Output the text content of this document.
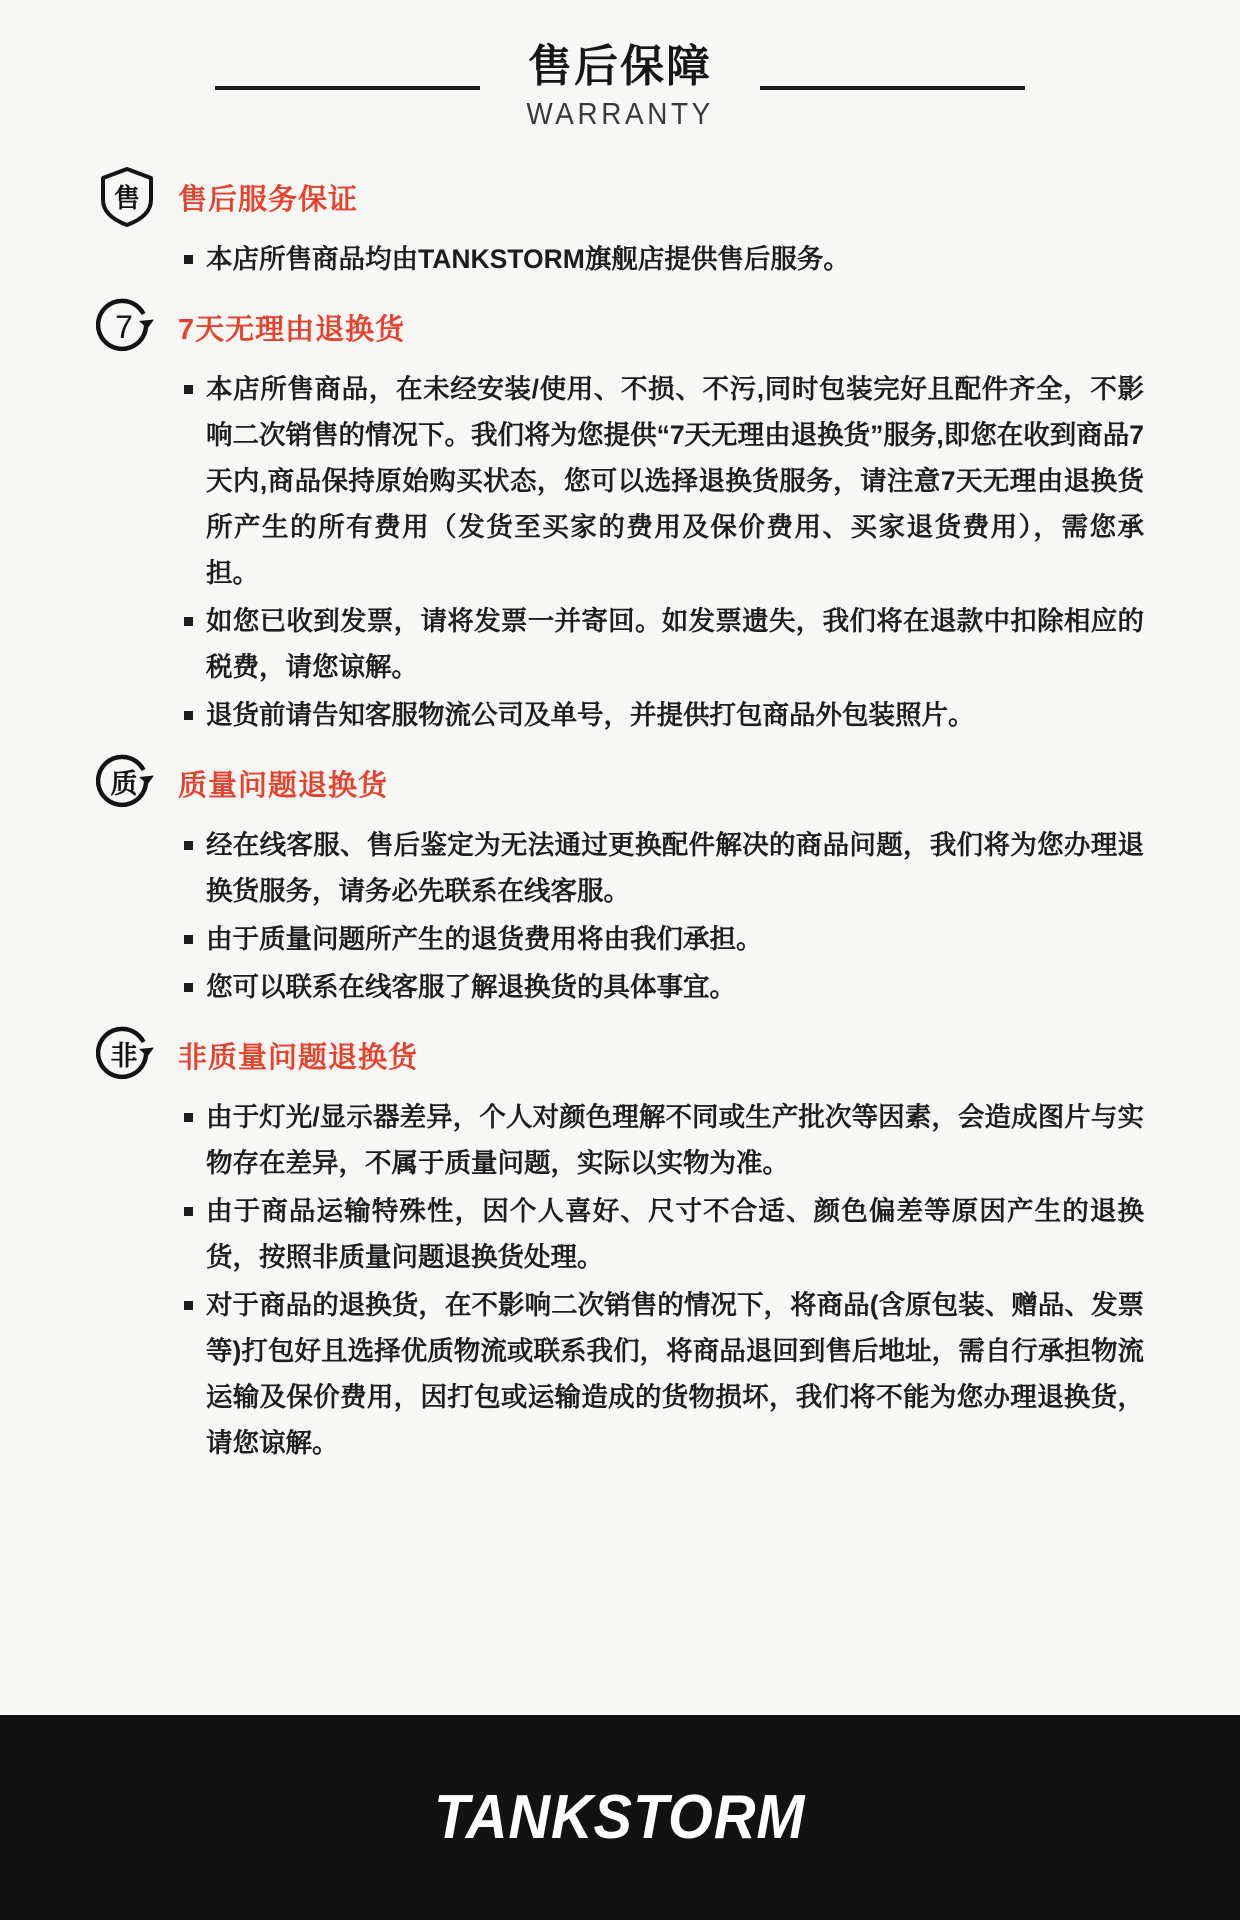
售后保障
WARRANTY
售 售后服务保证
本店所售商品均由TANKSTORM旗舰店提供售后服务。
7 7天无理由退换货
本店所售商品，在未经安装/使用、不损、不污,同时包装完好且配件齐全，不影响二次销售的情况下。我们将为您提供“7天无理由退换货”服务,即您在收到商品7天内,商品保持原始购买状态，您可以选择退换货服务，请注意7天无理由退换货所产生的所有费用（发货至买家的费用及保价费用、买家退货费用），需您承担。
如您已收到发票，请将发票一并寄回。如发票遗失，我们将在退款中扣除相应的税费，请您谅解。
退货前请告知客服物流公司及单号，并提供打包商品外包装照片。
质 质量问题退换货
经在线客服、售后鉴定为无法通过更换配件解决的商品问题，我们将为您办理退换货服务，请务必先联系在线客服。
由于质量问题所产生的退货费用将由我们承担。
您可以联系在线客服了解退换货的具体事宜。
非 非质量问题退换货
由于灯光/显示器差异，个人对颜色理解不同或生产批次等因素，会造成图片与实物存在差异，不属于质量问题，实际以实物为准。
由于商品运输特殊性，因个人喜好、尺寸不合适、颜色偏差等原因产生的退换货，按照非质量问题退换货处理。
对于商品的退换货，在不影响二次销售的情况下，将商品(含原包装、赠品、发票等)打包好且选择优质物流或联系我们，将商品退回到售后地址，需自行承担物流运输及保价费用，因打包或运输造成的货物损坏，我们将不能为您办理退换货，请您谅解。
TANKSTORM
